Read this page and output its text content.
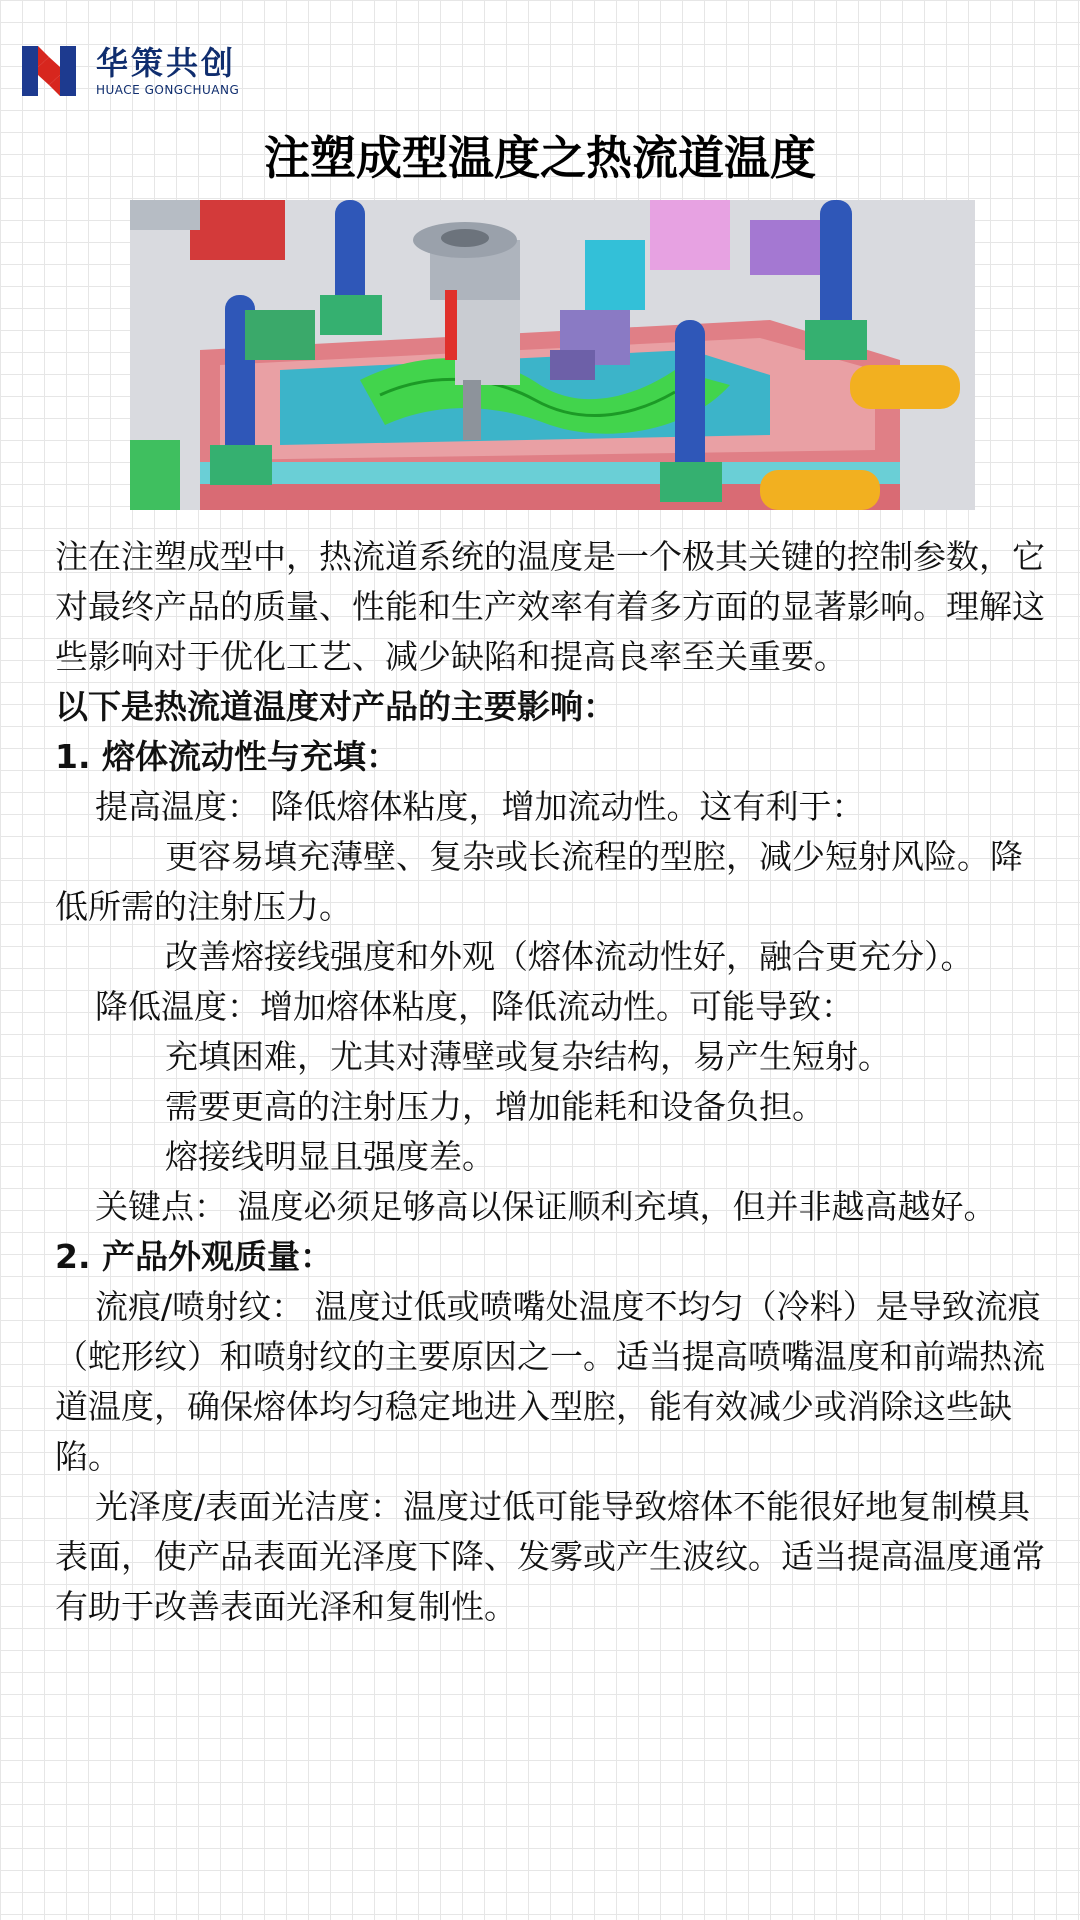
华策共创
HUACE GONGCHUANG
注塑成型温度之热流道温度

注在注塑成型中，热流道系统的温度是一个极其关键的控制参数，它对最终产品的质量、性能和生产效率有着多方面的显著影响。理解这些影响对于优化工艺、减少缺陷和提高良率至关重要。

以下是热流道温度对产品的主要影响：

1. 熔体流动性与充填：

提高温度： 降低熔体粘度，增加流动性。这有利于：

更容易填充薄壁、复杂或长流程的型腔，减少短射风险。降低所需的注射压力。

改善熔接线强度和外观（熔体流动性好，融合更充分）。

降低温度：增加熔体粘度，降低流动性。可能导致：

充填困难，尤其对薄壁或复杂结构，易产生短射。

需要更高的注射压力，增加能耗和设备负担。

熔接线明显且强度差。

关键点： 温度必须足够高以保证顺利充填，但并非越高越好。

2. 产品外观质量：

流痕/喷射纹： 温度过低或喷嘴处温度不均匀（冷料）是导致流痕（蛇形纹）和喷射纹的主要原因之一。适当提高喷嘴温度和前端热流道温度，确保熔体均匀稳定地进入型腔，能有效减少或消除这些缺陷。

光泽度/表面光洁度：温度过低可能导致熔体不能很好地复制模具表面，使产品表面光泽度下降、发雾或产生波纹。适当提高温度通常有助于改善表面光泽和复制性。
